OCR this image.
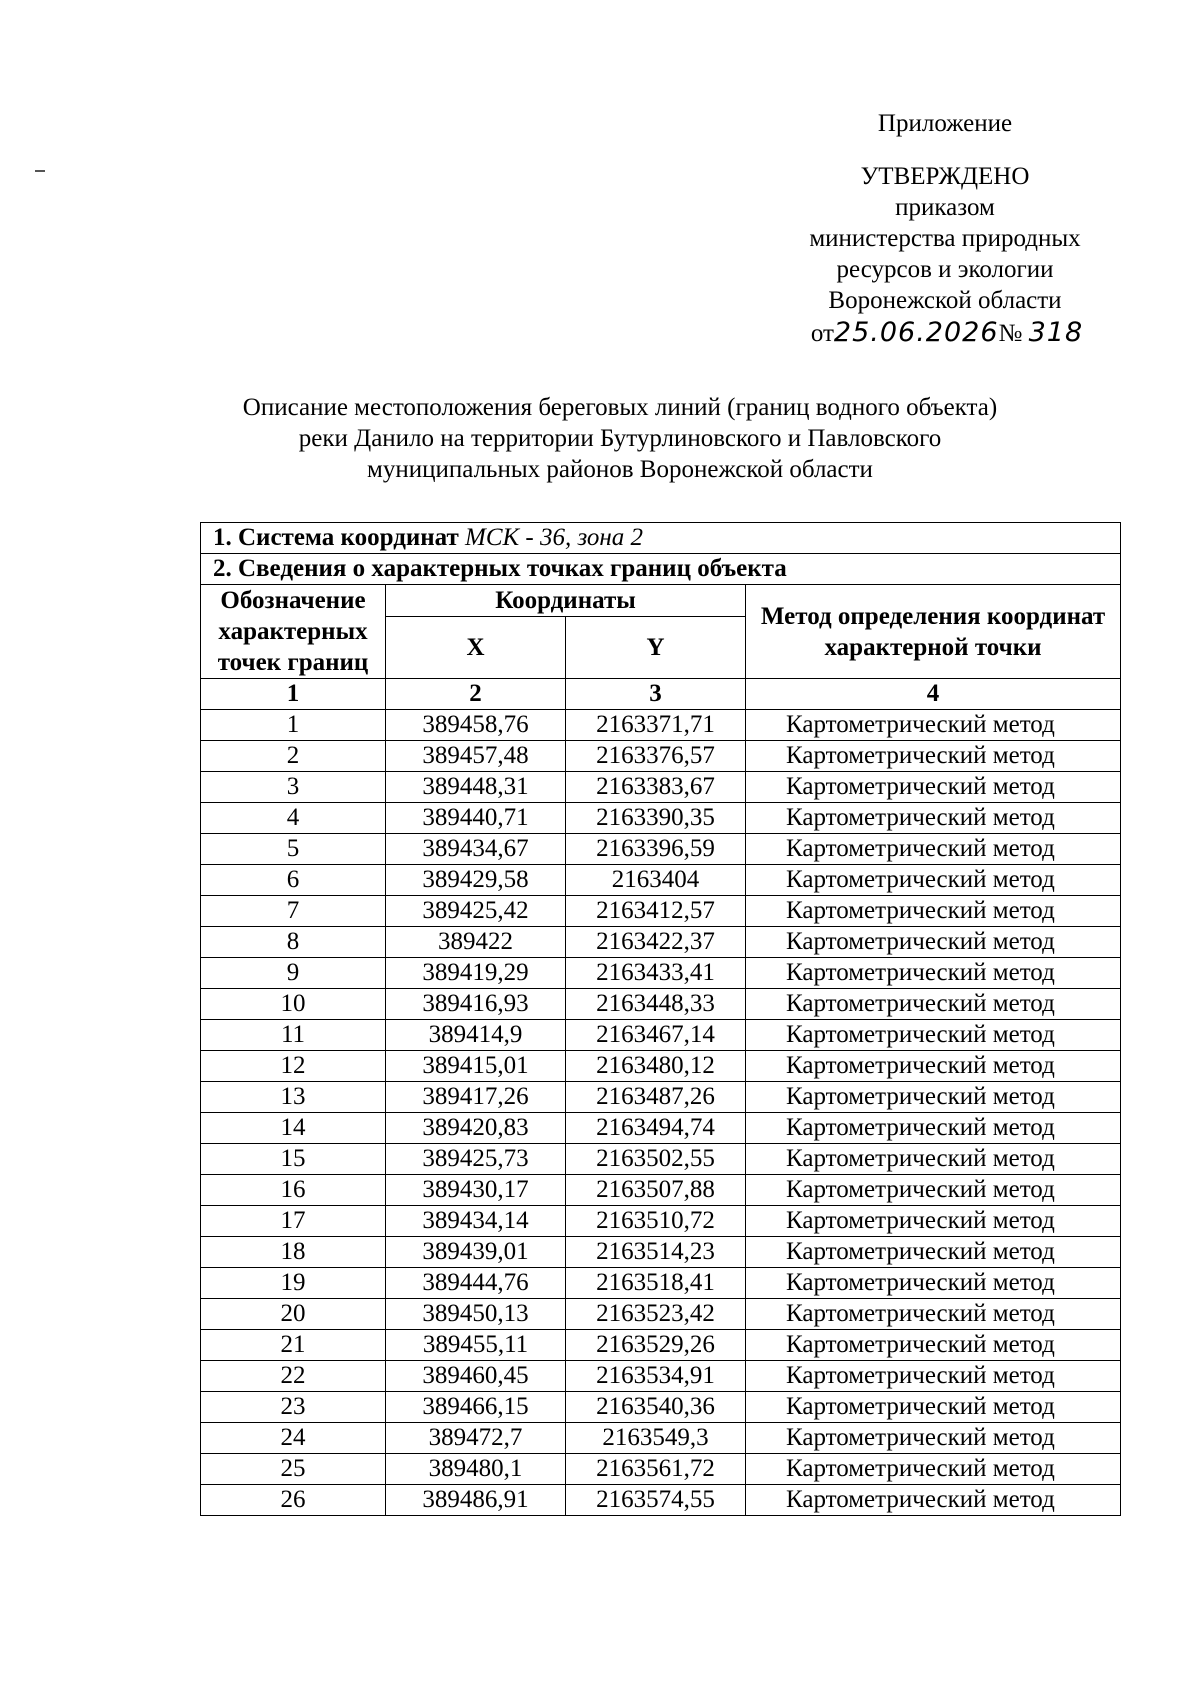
Приложение
УТВЕРЖДЕНО
приказом
министерства природных
ресурсов и экологии
Воронежской области
от25.06.2026№ 318
Описание местоположения береговых линий (границ водного объекта)
реки Данило на территории Бутурлиновского и Павловского
муниципальных районов Воронежской области
1. Система координат МСК - 36, зона 2			
2. Сведения о характерных точках границ объекта			
Обозначение характерных точек границ	Координаты		Метод определения координат характерной точки
	X	Y	
1	2	3	4
1	389458,76	2163371,71	Картометрический метод
2	389457,48	2163376,57	Картометрический метод
3	389448,31	2163383,67	Картометрический метод
4	389440,71	2163390,35	Картометрический метод
5	389434,67	2163396,59	Картометрический метод
6	389429,58	2163404	Картометрический метод
7	389425,42	2163412,57	Картометрический метод
8	389422	2163422,37	Картометрический метод
9	389419,29	2163433,41	Картометрический метод
10	389416,93	2163448,33	Картометрический метод
11	389414,9	2163467,14	Картометрический метод
12	389415,01	2163480,12	Картометрический метод
13	389417,26	2163487,26	Картометрический метод
14	389420,83	2163494,74	Картометрический метод
15	389425,73	2163502,55	Картометрический метод
16	389430,17	2163507,88	Картометрический метод
17	389434,14	2163510,72	Картометрический метод
18	389439,01	2163514,23	Картометрический метод
19	389444,76	2163518,41	Картометрический метод
20	389450,13	2163523,42	Картометрический метод
21	389455,11	2163529,26	Картометрический метод
22	389460,45	2163534,91	Картометрический метод
23	389466,15	2163540,36	Картометрический метод
24	389472,7	2163549,3	Картометрический метод
25	389480,1	2163561,72	Картометрический метод
26	389486,91	2163574,55	Картометрический метод
